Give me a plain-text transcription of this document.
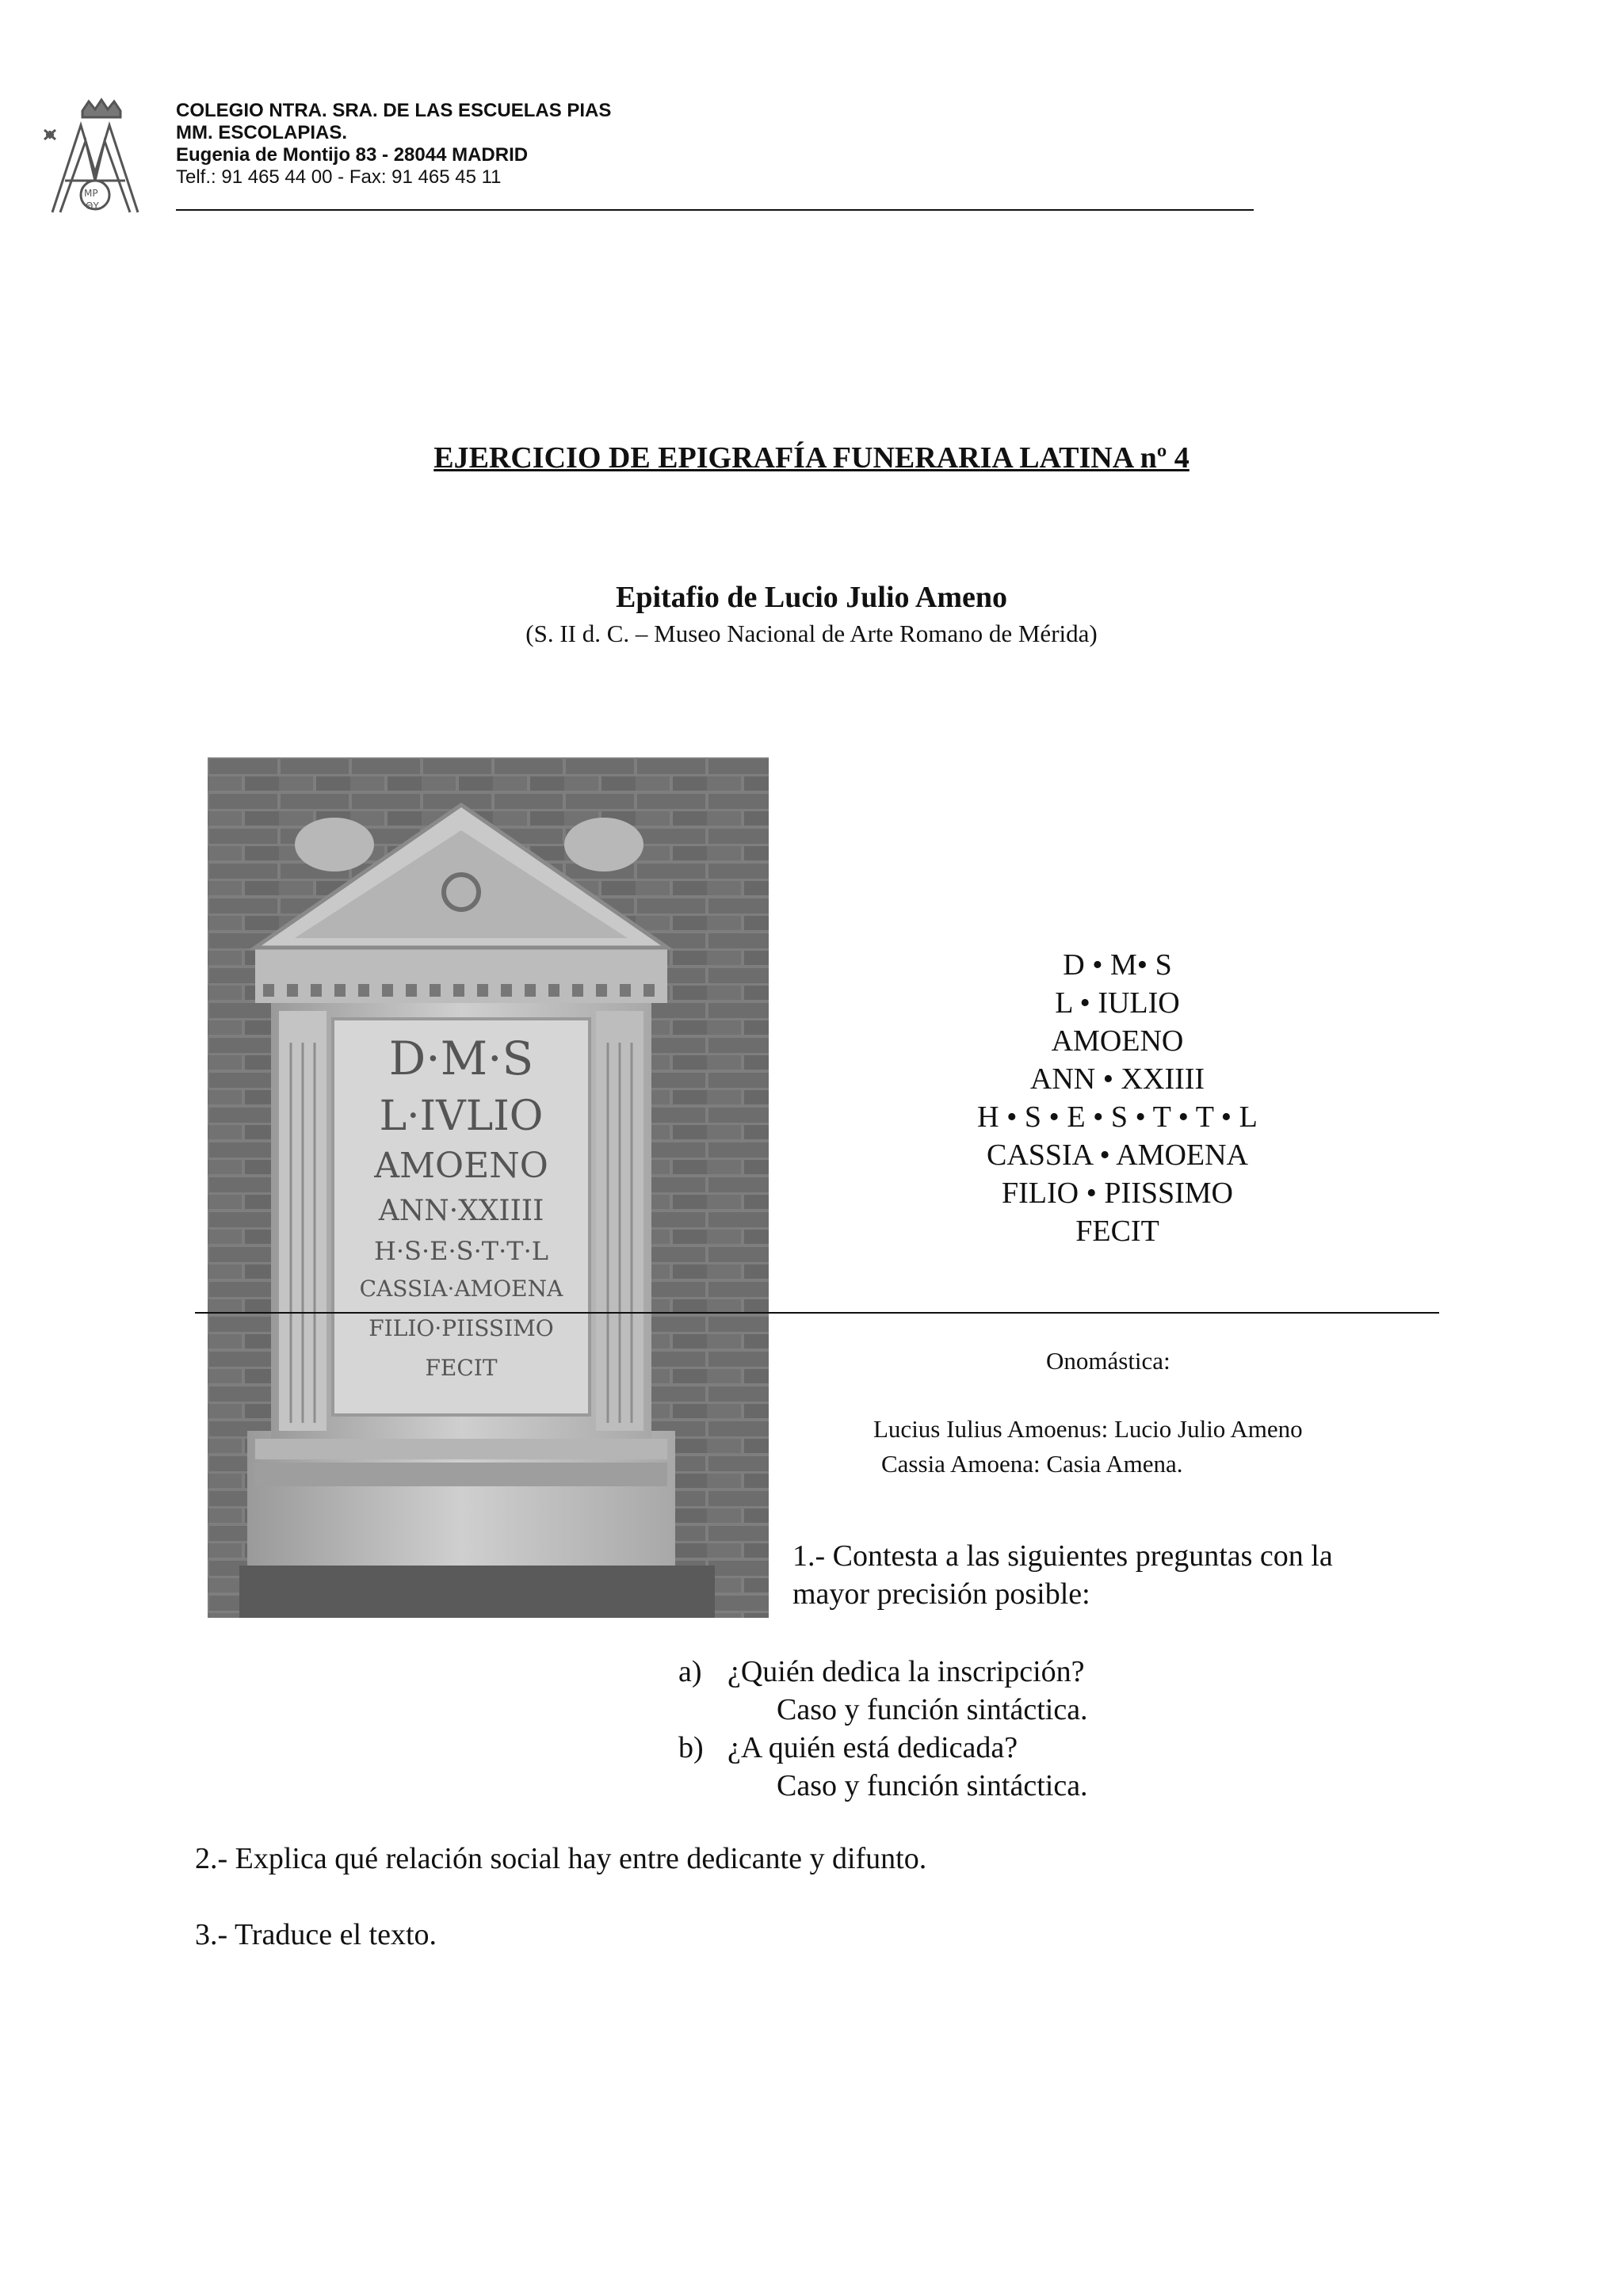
MP
ΘY
COLEGIO NTRA. SRA. DE LAS ESCUELAS PIAS
MM. ESCOLAPIAS.
Eugenia de Montijo 83 - 28044 MADRID
Telf.: 91 465 44 00 - Fax: 91 465 45 11
EJERCICIO DE EPIGRAFÍA FUNERARIA LATINA nº 4
Epitafio de Lucio Julio Ameno
(S. II d. C. – Museo Nacional de Arte Romano de Mérida)
D·M·S
L·IVLIO
AMOENO
ANN·XXIIII
H·S·E·S·T·T·L
CASSIA·AMOENA
FILIO·PIISSIMO
FECIT
D • M• S
L • IULIO
AMOENO
ANN • XXIIII
H • S • E • S • T • T • L
CASSIA • AMOENA
FILIO • PIISSIMO
FECIT
Onomástica:
Lucius Iulius Amoenus: Lucio Julio Ameno
Cassia Amoena: Casia Amena.
1.- Contesta a las siguientes preguntas con la
mayor precisión posible:
a) ¿Quién dedica la inscripción?
Caso y función sintáctica.
b) ¿A quién está dedicada?
Caso y función sintáctica.
2.- Explica qué relación social hay entre dedicante y difunto.
3.- Traduce el texto.
